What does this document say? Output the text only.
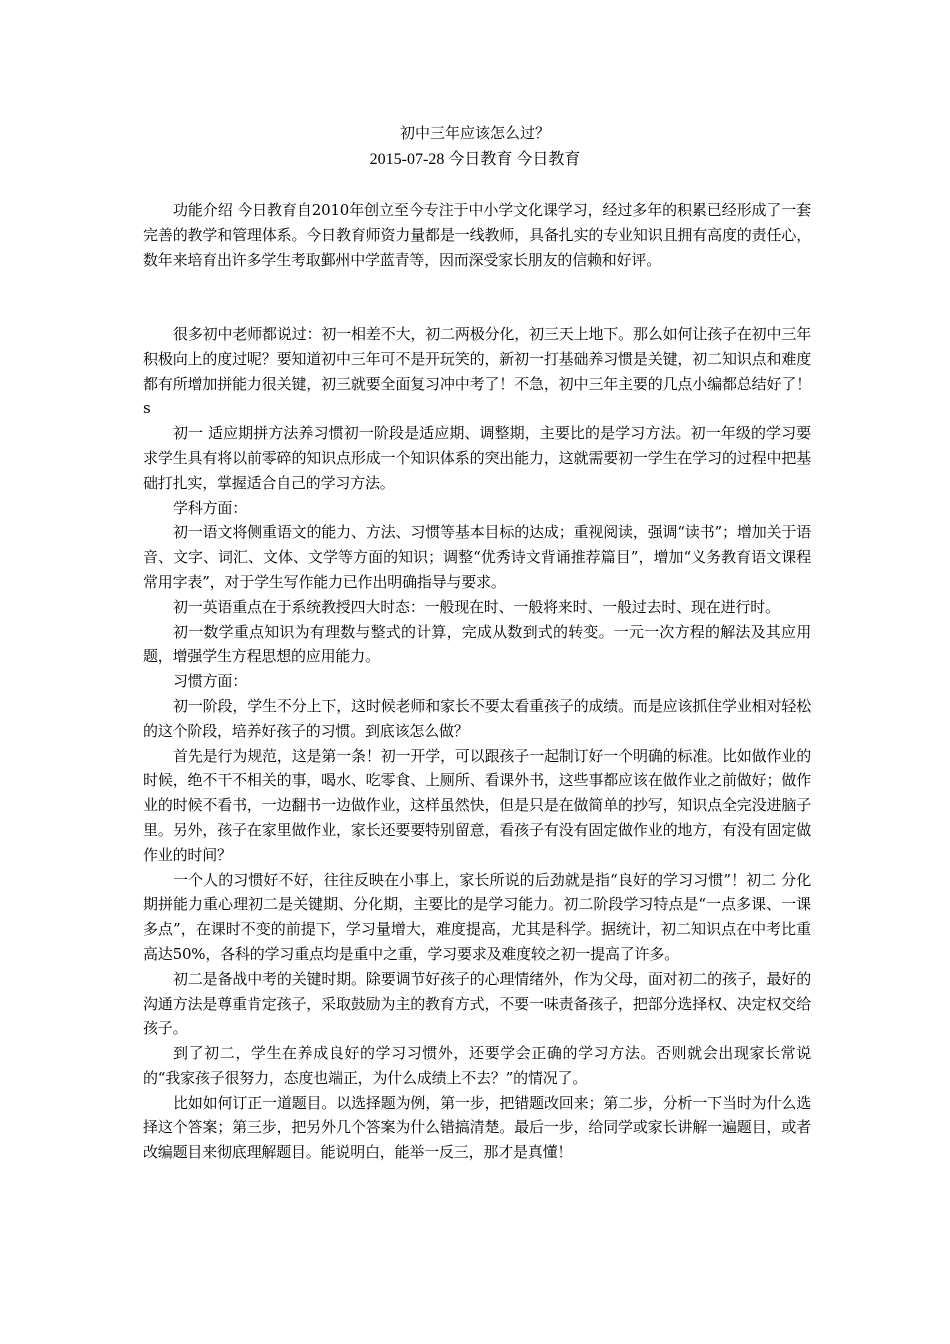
初中三年应该怎么过？
2015-07-28 今日教育 今日教育

功能介绍 今日教育自2010年创立至今专注于中小学文化课学习，经过多年的积累已经形成了一套完善的教学和管理体系。今日教育师资力量都是一线教师，具备扎实的专业知识且拥有高度的责任心，数年来培育出许多学生考取鄞州中学蓝青等，因而深受家长朋友的信赖和好评。

很多初中老师都说过：初一相差不大，初二两极分化，初三天上地下。那么如何让孩子在初中三年积极向上的度过呢？要知道初中三年可不是开玩笑的，新初一打基础养习惯是关键，初二知识点和难度都有所增加拼能力很关键，初三就要全面复习冲中考了！不急，初中三年主要的几点小编都总结好了！s

初一 适应期拼方法养习惯初一阶段是适应期、调整期，主要比的是学习方法。初一年级的学习要求学生具有将以前零碎的知识点形成一个知识体系的突出能力，这就需要初一学生在学习的过程中把基础打扎实，掌握适合自己的学习方法。

学科方面：

初一语文将侧重语文的能力、方法、习惯等基本目标的达成；重视阅读，强调“读书”；增加关于语音、文字、词汇、文体、文学等方面的知识；调整“优秀诗文背诵推荐篇目”，增加“义务教育语文课程常用字表”，对于学生写作能力已作出明确指导与要求。

初一英语重点在于系统教授四大时态：一般现在时、一般将来时、一般过去时、现在进行时。

初一数学重点知识为有理数与整式的计算，完成从数到式的转变。一元一次方程的解法及其应用题，增强学生方程思想的应用能力。

习惯方面：

初一阶段，学生不分上下，这时候老师和家长不要太看重孩子的成绩。而是应该抓住学业相对轻松的这个阶段，培养好孩子的习惯。到底该怎么做？

首先是行为规范，这是第一条！初一开学，可以跟孩子一起制订好一个明确的标准。比如做作业的时候，绝不干不相关的事，喝水、吃零食、上厕所、看课外书，这些事都应该在做作业之前做好；做作业的时候不看书，一边翻书一边做作业，这样虽然快，但是只是在做简单的抄写，知识点全完没进脑子里。另外，孩子在家里做作业，家长还要要特别留意，看孩子有没有固定做作业的地方，有没有固定做作业的时间？

一个人的习惯好不好，往往反映在小事上，家长所说的后劲就是指“良好的学习习惯”！初二 分化期拼能力重心理初二是关键期、分化期，主要比的是学习能力。初二阶段学习特点是“一点多课、一课多点”，在课时不变的前提下，学习量增大，难度提高，尤其是科学。据统计，初二知识点在中考比重高达50%，各科的学习重点均是重中之重，学习要求及难度较之初一提高了许多。

初二是备战中考的关键时期。除要调节好孩子的心理情绪外，作为父母，面对初二的孩子，最好的沟通方法是尊重肯定孩子，采取鼓励为主的教育方式，不要一味责备孩子，把部分选择权、决定权交给孩子。

到了初二，学生在养成良好的学习习惯外，还要学会正确的学习方法。否则就会出现家长常说的“我家孩子很努力，态度也端正，为什么成绩上不去？”的情况了。

比如如何订正一道题目。以选择题为例，第一步，把错题改回来；第二步，分析一下当时为什么选择这个答案；第三步，把另外几个答案为什么错搞清楚。最后一步，给同学或家长讲解一遍题目，或者改编题目来彻底理解题目。能说明白，能举一反三，那才是真懂！
